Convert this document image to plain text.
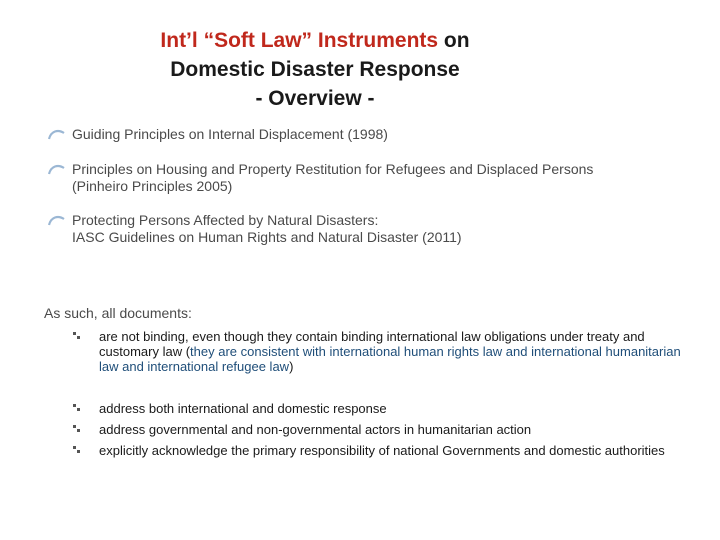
Int’l “Soft Law” Instruments on
Domestic Disaster Response
- Overview -
Guiding Principles on Internal Displacement (1998)
Principles on Housing and Property Restitution for Refugees and Displaced Persons
(Pinheiro Principles 2005)
Protecting Persons Affected by Natural Disasters:
IASC Guidelines on Human Rights and Natural Disaster (2011)
As such, all documents:
are not binding, even though they contain binding international law obligations under treaty and customary law (they are consistent with international human rights law and international humanitarian law and international refugee law)
address both international and domestic response
address governmental and non-governmental actors in humanitarian action
explicitly acknowledge the primary responsibility of national Governments and domestic authorities
